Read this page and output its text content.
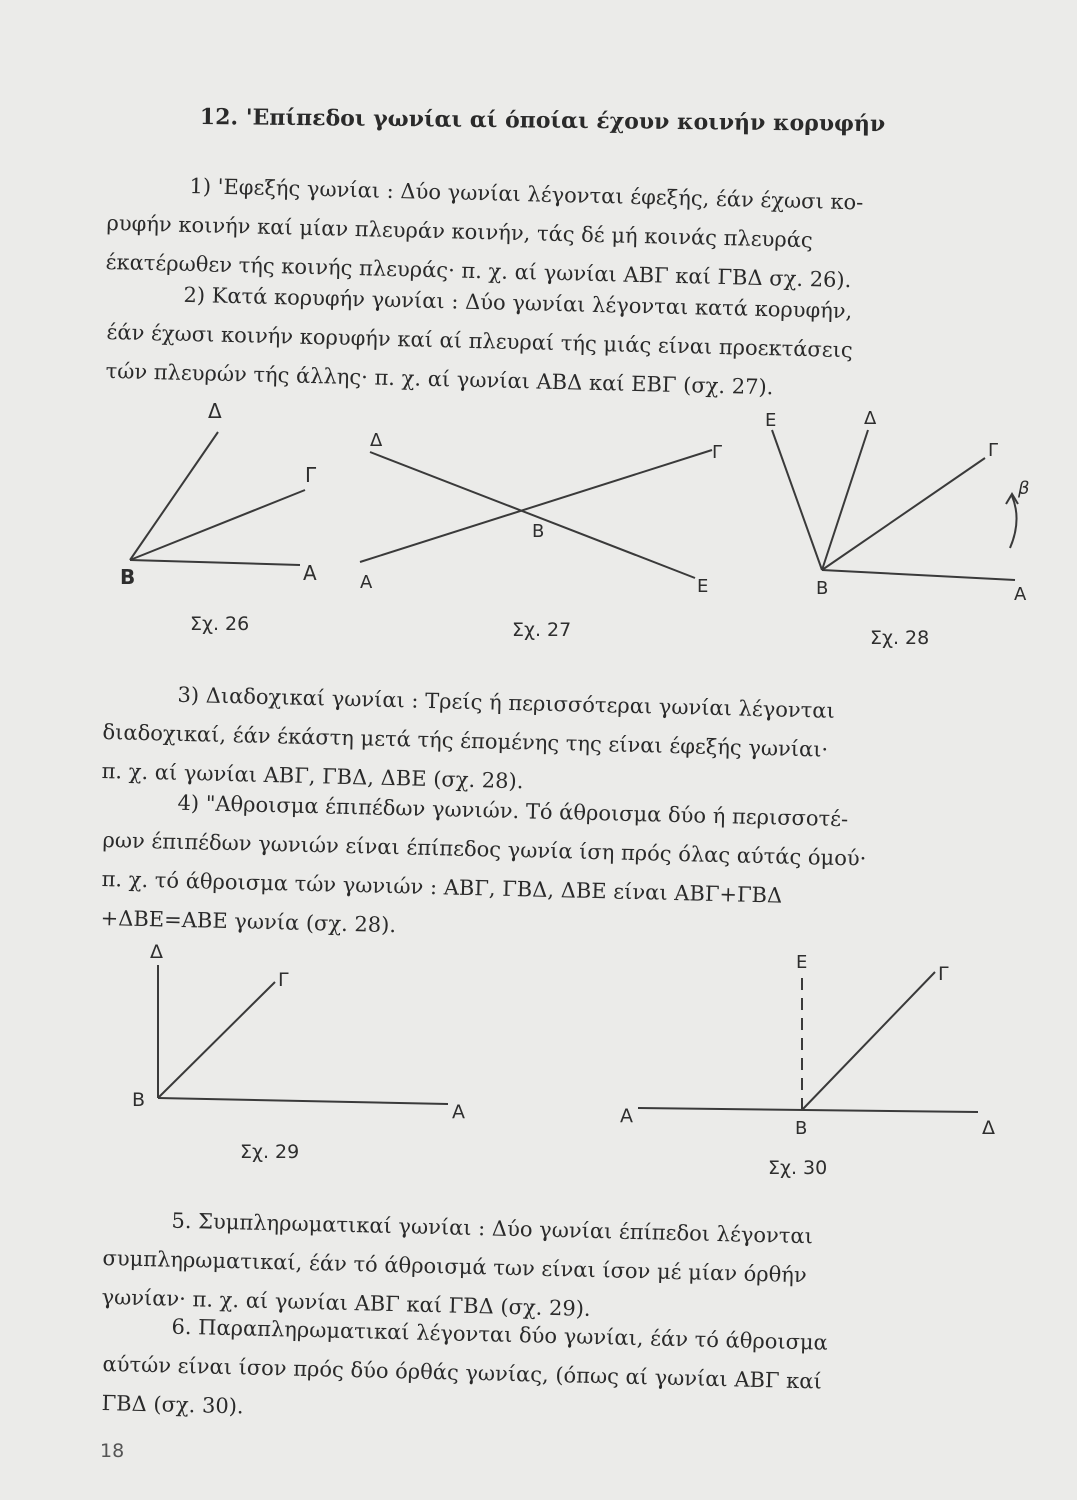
12. 'Επίπεδοι γωνίαι αί όποίαι έχουν κοινήν κορυφήν
1) 'Εφεξής γωνίαι : Δύο γωνίαι λέγονται έφεξής, έάν έχωσι κο-
ρυφήν κοινήν καί μίαν πλευράν κοινήν, τάς δέ μή κοινάς πλευράς
έκατέρωθεν τής κοινής πλευράς· π. χ. αί γωνίαι ΑΒΓ καί ΓΒΔ σχ. 26).
2) Κατά κορυφήν γωνίαι : Δύο γωνίαι λέγονται κατά κορυφήν,
έάν έχωσι κοινήν κορυφήν καί αί πλευραί τής μιάς είναι προεκτάσεις
τών πλευρών τής άλλης· π. χ. αί γωνίαι ΑΒΔ καί ΕΒΓ (σχ. 27).
3) Διαδοχικαί γωνίαι : Τρείς ή περισσότεραι γωνίαι λέγονται
διαδοχικαί, έάν έκάστη μετά τής έπομένης της είναι έφεξής γωνίαι·
π. χ. αί γωνίαι ΑΒΓ, ΓΒΔ, ΔΒΕ (σχ. 28).
4) "Αθροισμα έπιπέδων γωνιών. Τό άθροισμα δύο ή περισσοτέ-
ρων έπιπέδων γωνιών είναι έπίπεδος γωνία ίση πρός όλας αύτάς όμού·
π. χ. τό άθροισμα τών γωνιών : ΑΒΓ, ΓΒΔ, ΔΒΕ είναι ΑΒΓ+ΓΒΔ
+ΔΒΕ=ΑΒΕ γωνία (σχ. 28).
5. Συμπληρωματικαί γωνίαι : Δύο γωνίαι έπίπεδοι λέγονται
συμπληρωματικαί, έάν τό άθροισμά των είναι ίσον μέ μίαν όρθήν
γωνίαν· π. χ. αί γωνίαι ΑΒΓ καί ΓΒΔ (σχ. 29).
6. Παραπληρωματικαί λέγονται δύο γωνίαι, έάν τό άθροισμα
αύτών είναι ίσον πρός δύο όρθάς γωνίας, (όπως αί γωνίαι ΑΒΓ καί
ΓΒΔ (σχ. 30).
Δ
Γ
Β	Α
Σχ. 26
Δ
Γ
Β
Α	Ε
Σχ. 27
Ε	Δ
Γ
β
Β	Α
Σχ. 28
Δ
Γ
Β
Α
Σχ. 29
Ε
Γ
Α
Β	Δ
Σχ. 30
18
